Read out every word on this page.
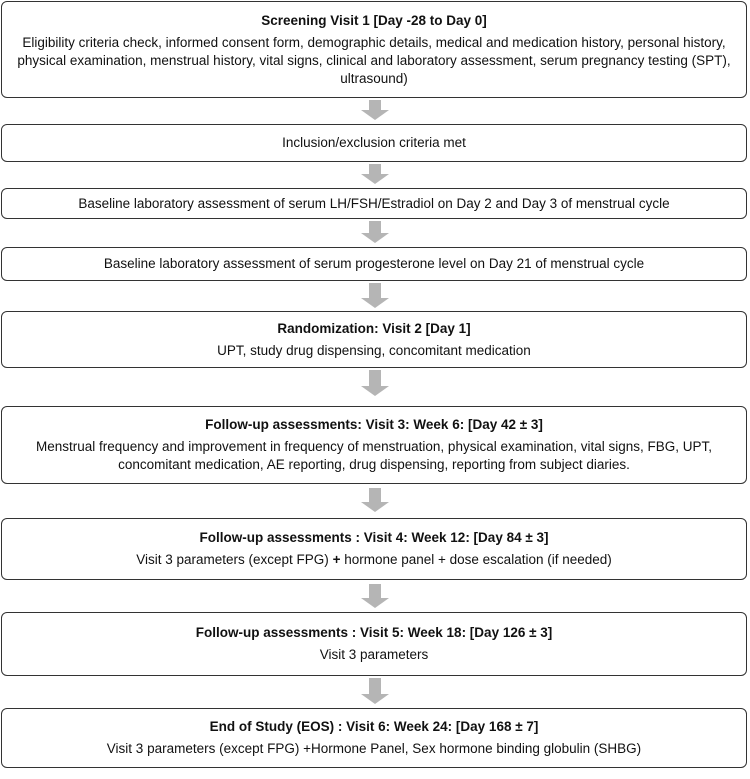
Screening Visit 1 [Day -28 to Day 0]
Eligibility criteria check, informed consent form, demographic details, medical and medication history, personal history, physical examination, menstrual history, vital signs, clinical and laboratory assessment, serum pregnancy testing (SPT), ultrasound)
Inclusion/exclusion criteria met
Baseline laboratory assessment of serum LH/FSH/Estradiol on Day 2 and Day 3 of menstrual cycle
Baseline laboratory assessment of serum progesterone level on Day 21 of menstrual cycle
Randomization: Visit 2 [Day 1]
UPT, study drug dispensing, concomitant medication
Follow-up assessments: Visit 3: Week 6: [Day 42 ± 3]
Menstrual frequency and improvement in frequency of menstruation, physical examination, vital signs, FBG, UPT, concomitant medication, AE reporting, drug dispensing, reporting from subject diaries.
Follow-up assessments : Visit 4: Week 12: [Day 84 ± 3]
Visit 3 parameters (except FPG) + hormone panel + dose escalation (if needed)
Follow-up assessments : Visit 5: Week 18: [Day 126 ± 3]
Visit 3 parameters
End of Study (EOS) : Visit 6: Week 24: [Day 168 ± 7]
Visit 3 parameters (except FPG) +Hormone Panel, Sex hormone binding globulin (SHBG)
